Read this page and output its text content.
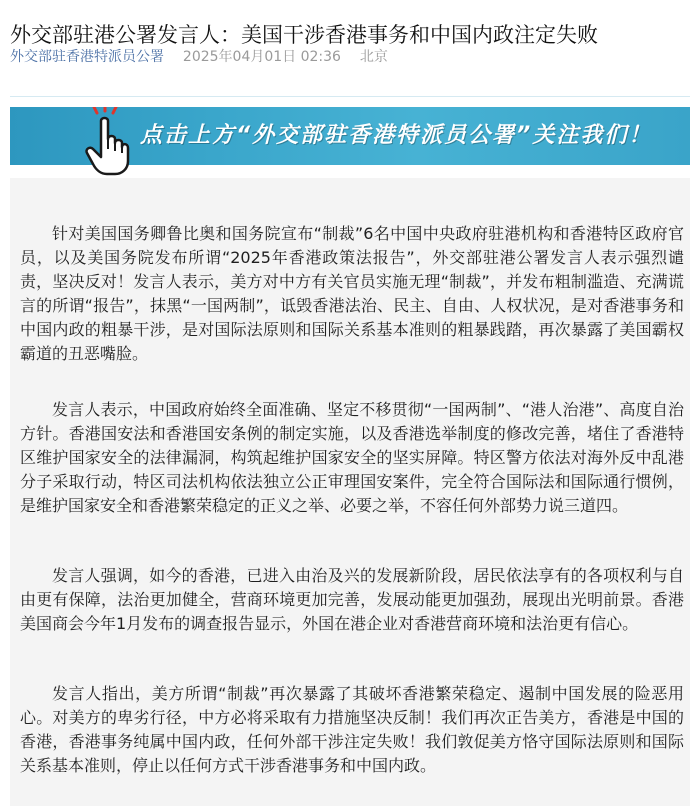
外交部驻港公署发言人：美国干涉香港事务和中国内政注定失败
外交部驻香港特派员公署 2025年04月01日 02:36 北京
点击上方“外交部驻香港特派员公署”关注我们！

针对美国国务卿鲁比奥和国务院宣布“制裁”6名中国中央政府驻港机构和香港特区政府官员，以及美国务院发布所谓“2025年香港政策法报告”，外交部驻港公署发言人表示强烈谴责，坚决反对！发言人表示，美方对中方有关官员实施无理“制裁”，并发布粗制滥造、充满谎言的所谓“报告”，抹黑“一国两制”，诋毁香港法治、民主、自由、人权状况，是对香港事务和中国内政的粗暴干涉，是对国际法原则和国际关系基本准则的粗暴践踏，再次暴露了美国霸权霸道的丑恶嘴脸。

发言人表示，中国政府始终全面准确、坚定不移贯彻“一国两制”、“港人治港”、高度自治方针。香港国安法和香港国安条例的制定实施，以及香港选举制度的修改完善，堵住了香港特区维护国家安全的法律漏洞，构筑起维护国家安全的坚实屏障。特区警方依法对海外反中乱港分子采取行动，特区司法机构依法独立公正审理国安案件，完全符合国际法和国际通行惯例，是维护国家安全和香港繁荣稳定的正义之举、必要之举，不容任何外部势力说三道四。

发言人强调，如今的香港，已进入由治及兴的发展新阶段，居民依法享有的各项权利与自由更有保障，法治更加健全，营商环境更加完善，发展动能更加强劲，展现出光明前景。香港美国商会今年1月发布的调查报告显示，外国在港企业对香港营商环境和法治更有信心。

发言人指出，美方所谓“制裁”再次暴露了其破坏香港繁荣稳定、遏制中国发展的险恶用心。对美方的卑劣行径，中方必将采取有力措施坚决反制！我们再次正告美方，香港是中国的香港，香港事务纯属中国内政，任何外部干涉注定失败！我们敦促美方恪守国际法原则和国际关系基本准则，停止以任何方式干涉香港事务和中国内政。
